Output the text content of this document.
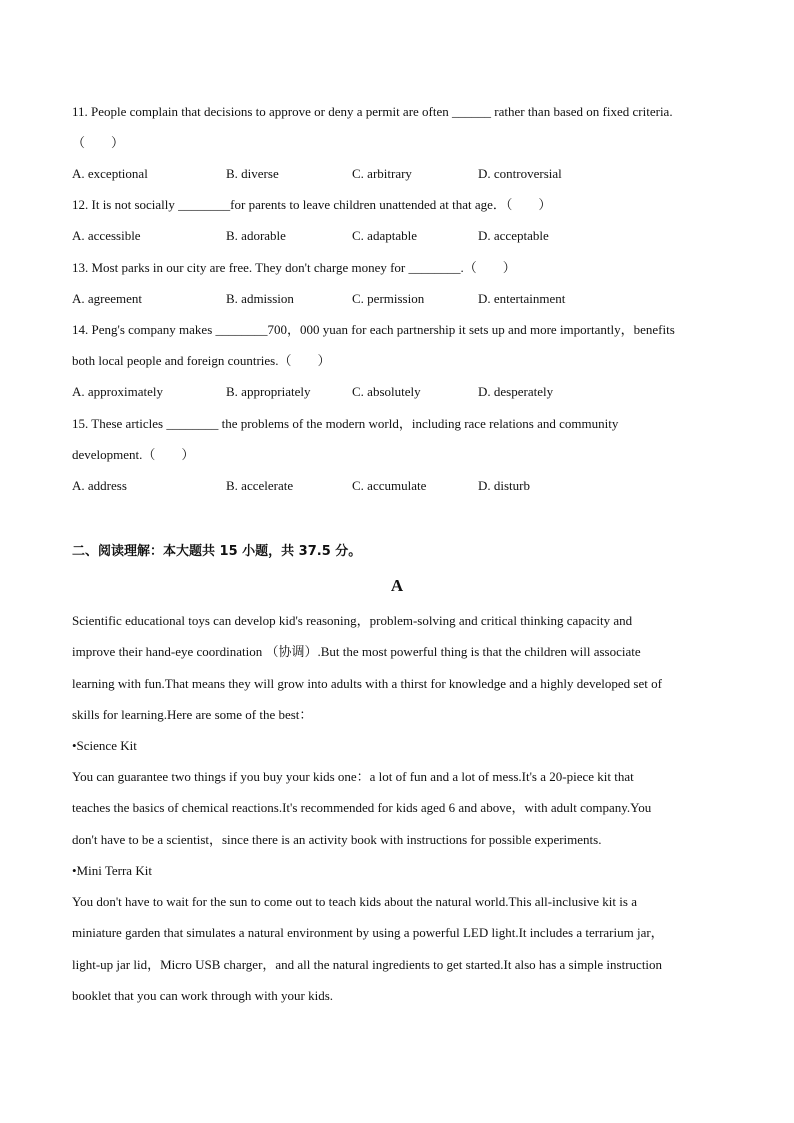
11. People complain that decisions to approve or deny a permit are often ______ rather than based on fixed criteria.
（　　）
A. exceptional	B. diverse	C. arbitrary	D. controversial
12. It is not socially ________for parents to leave children unattended at that age．（　　）
A. accessible	B. adorable	C. adaptable	D. acceptable
13. Most parks in our city are free. They don't charge money for ________.（　　）
A. agreement	B. admission	C. permission	D. entertainment
14. Peng's company makes ________700，000 yuan for each partnership it sets up and more importantly，benefits
both local people and foreign countries.（　　）
A. approximately	B. appropriately	C. absolutely	D. desperately
15. These articles ________ the problems of the modern world，including race relations and community
development.（　　）
A. address	B. accelerate	C. accumulate	D. disturb
二、阅读理解：本大题共 15 小题，共 37.5 分。
A
Scientific educational toys can develop kid's reasoning，problem-solving and critical thinking capacity and
improve their hand-eye coordination （协调）.But the most powerful thing is that the children will associate
learning with fun.That means they will grow into adults with a thirst for knowledge and a highly developed set of
skills for learning.Here are some of the best：
•Science Kit
You can guarantee two things if you buy your kids one：a lot of fun and a lot of mess.It's a 20-piece kit that
teaches the basics of chemical reactions.It's recommended for kids aged 6 and above，with adult company.You
don't have to be a scientist，since there is an activity book with instructions for possible experiments.
•Mini Terra Kit
You don't have to wait for the sun to come out to teach kids about the natural world.This all-inclusive kit is a
miniature garden that simulates a natural environment by using a powerful LED light.It includes a terrarium jar，
light-up jar lid，Micro USB charger，and all the natural ingredients to get started.It also has a simple instruction
booklet that you can work through with your kids.
